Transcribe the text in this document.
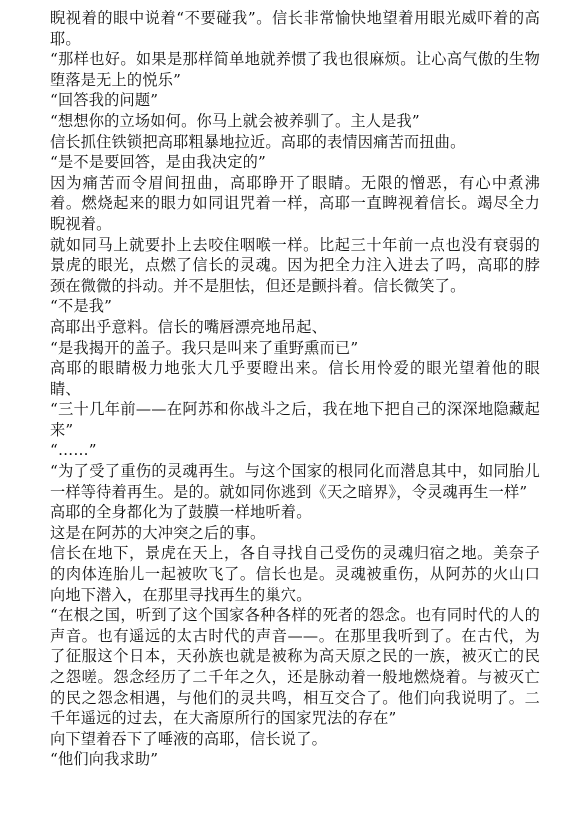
睨视着的眼中说着“不要碰我”。信长非常愉快地望着用眼光威吓着的高耶。

“那样也好。如果是那样简单地就养惯了我也很麻烦。让心高气傲的生物堕落是无上的悦乐”

“回答我的问题”

“想想你的立场如何。你马上就会被养驯了。主人是我”

信长抓住铁锁把高耶粗暴地拉近。高耶的表情因痛苦而扭曲。

“是不是要回答，是由我决定的”

因为痛苦而令眉间扭曲，高耶睁开了眼睛。无限的憎恶，有心中煮沸着。燃烧起来的眼力如同诅咒着一样，高耶一直睥视着信长。竭尽全力睨视着。

就如同马上就要扑上去咬住咽喉一样。比起三十年前一点也没有衰弱的景虎的眼光，点燃了信长的灵魂。因为把全力注入进去了吗，高耶的脖颈在微微的抖动。并不是胆怯，但还是颤抖着。信长微笑了。

“不是我”

高耶出乎意料。信长的嘴唇漂亮地吊起、

“是我揭开的盖子。我只是叫来了重野熏而已”

高耶的眼睛极力地张大几乎要瞪出来。信长用怜爱的眼光望着他的眼睛、

“三十几年前——在阿苏和你战斗之后，我在地下把自己的深深地隐藏起来”

“……”

“为了受了重伤的灵魂再生。与这个国家的根同化而潜息其中，如同胎儿一样等待着再生。是的。就如同你逃到《天之暗界》，令灵魂再生一样”

高耶的全身都化为了鼓膜一样地听着。

这是在阿苏的大冲突之后的事。

信长在地下，景虎在天上，各自寻找自己受伤的灵魂归宿之地。美奈子的肉体连胎儿一起被吹飞了。信长也是。灵魂被重伤，从阿苏的火山口向地下潜入，在那里寻找再生的巢穴。

“在根之国，听到了这个国家各种各样的死者的怨念。也有同时代的人的声音。也有遥远的太古时代的声音——。在那里我听到了。在古代，为了征服这个日本，天孙族也就是被称为高天原之民的一族，被灭亡的民之怨嗟。怨念经历了二千年之久，还是脉动着一般地燃烧着。与被灭亡的民之怨念相遇，与他们的灵共鸣，相互交合了。他们向我说明了。二千年遥远的过去，在大斋原所行的国家咒法的存在”

向下望着吞下了唾液的高耶，信长说了。

“他们向我求助”
